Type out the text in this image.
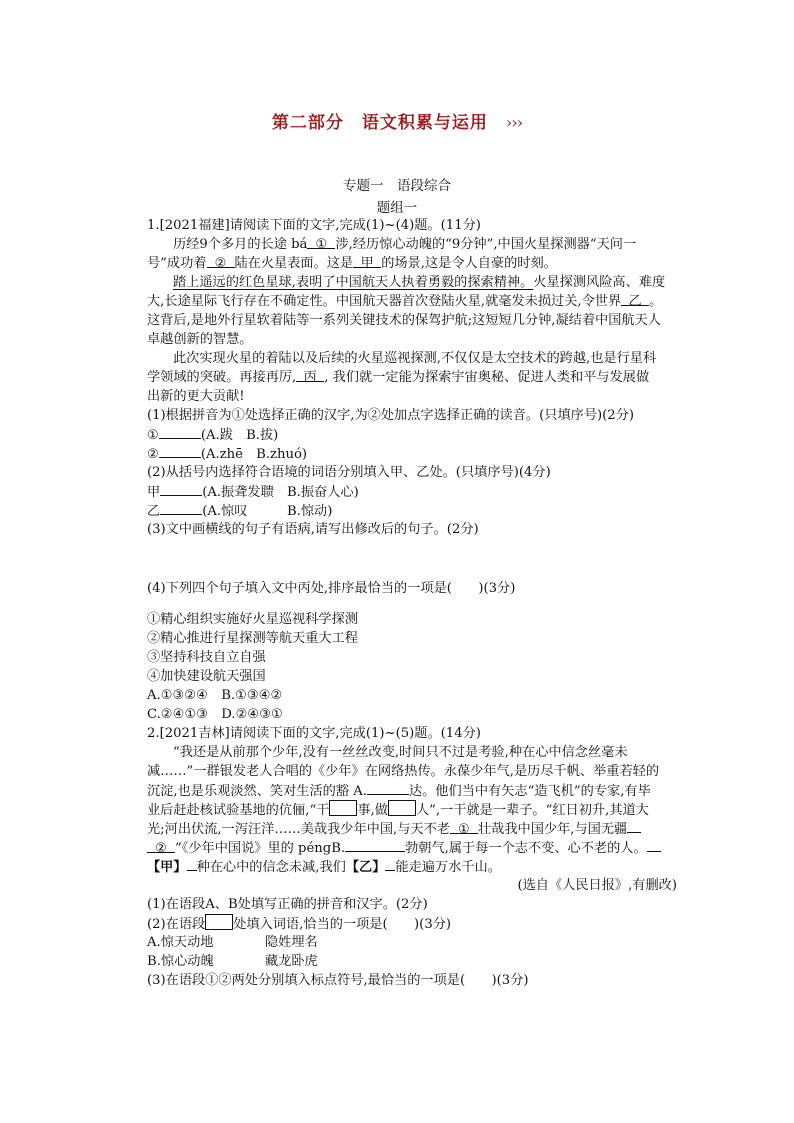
第二部分　语文积累与运用 ›››
专题一　语段综合
题组一
1.[2021福建]请阅读下面的文字,完成(1)~(4)题。(11分)
历经9个多月的长途 bá ① 涉,经历惊心动魄的“9分钟”,中国火星探测器“天问一
号”成功着 ② 陆在火星表面。这是 甲 的场景,这是令人自豪的时刻。
踏上遥远的红色星球,表明了中国航天人执着勇毅的探索精神。火星探测风险高、难度
大,长途星际飞行存在不确定性。中国航天器首次登陆火星,就毫发未损过关,令世界 乙 。
这背后,是地外行星软着陆等一系列关键技术的保驾护航;这短短几分钟,凝结着中国航天人
卓越创新的智慧。
此次实现火星的着陆以及后续的火星巡视探测,不仅仅是太空技术的跨越,也是行星科
学领域的突破。再接再厉, 丙 , 我们就一定能为探索宇宙奥秘、促进人类和平与发展做
出新的更大贡献!
(1)根据拼音为①处选择正确的汉字,为②处加点字选择正确的读音。(只填序号)(2分)
①	(A.跋　B.拔)
②	(A.zhē　B.zhuó)
(2)从括号内选择符合语境的词语分别填入甲、乙处。(只填序号)(4分)
甲	(A.振聋发聩　B.振奋人心)
乙	(A.惊叹　　　B.惊动)
(3)文中画横线的句子有语病,请写出修改后的句子。(2分)
(4)下列四个句子填入文中丙处,排序最恰当的一项是(　　)(3分)
①精心组织实施好火星巡视科学探测
②精心推进行星探测等航天重大工程
③坚持科技自立自强
④加快建设航天强国
A.①③②④　B.①③④②
C.②④①③　D.②④③①
2.[2021吉林]请阅读下面的文字,完成(1)~(5)题。(14分)
“我还是从前那个少年,没有一丝丝改变,时间只不过是考验,种在心中信念丝毫未
减……”一群银发老人合唱的《少年》在网络热传。永葆少年气,是历尽千帆、举重若轻的
沉淀,也是乐观淡然、笑对生活的豁 A.	达。他们当中有矢志“造飞机”的专家,有毕
业后赶赴核试验基地的伉俪,“干 事,做 人”,一干就是一辈子。“红日初升,其道大
光;河出伏流,一泻汪洋……美哉我少年中国,与天不老 ① 壮哉我中国少年,与国无疆
② ”《少年中国说》里的 péngB.	勃朝气,属于每一个志不变、心不老的人。
【甲】 种在心中的信念未减,我们【乙】 能走遍万水千山。
(选自《人民日报》,有删改)
(1)在语段A、B处填写正确的拼音和汉字。(2分)
(2)在语段 处填入词语,恰当的一项是(　　)(3分)
A.惊天动地	隐姓埋名
B.惊心动魄	藏龙卧虎
(3)在语段①②两处分别填入标点符号,最恰当的一项是(　　)(3分)
